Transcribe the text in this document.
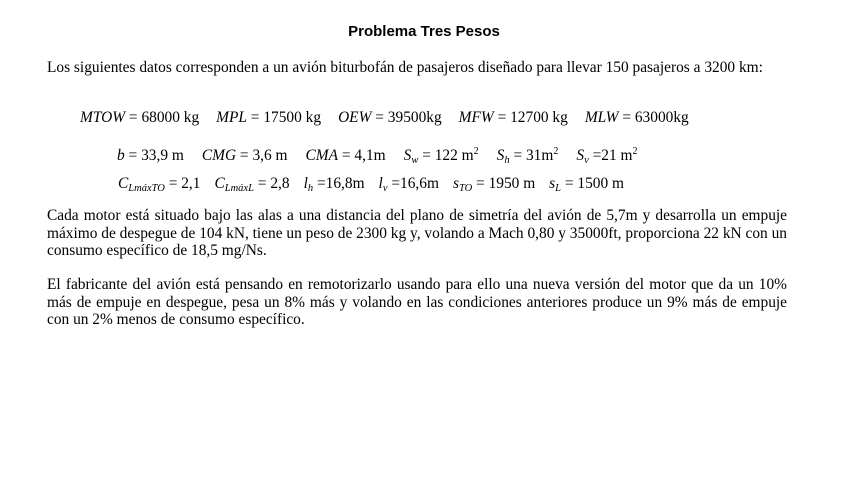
Problema Tres Pesos

Los siguientes datos corresponden a un avión biturbofán de pasajeros diseñado para llevar 150 pasajeros a 3200 km:

MTOW = 68000 kg MPL = 17500 kg OEW = 39500kg MFW = 12700 kg MLW = 63000kg
b = 33,9 m CMG = 3,6 m CMA = 4,1m $S_w = 122$ $m^2$ $S_h = 31m^2$ $S_v =21$ $m^2$
$C_{LmáxTO} = 2,1$ $C_{LmáxL} = 2,8$ $l_h =16,8m$ $l_v =16,6m$ $s_{TO} = 1950$ m $s_L = 1500$ m

Cada motor está situado bajo las alas a una distancia del plano de simetría del avión de 5,7m y desarrolla un empuje máximo de despegue de 104 kN, tiene un peso de 2300 kg y, volando a Mach 0,80 y 35000ft, proporciona 22 kN con un consumo específico de 18,5 mg/Ns.

El fabricante del avión está pensando en remotorizarlo usando para ello una nueva versión del motor que da un 10% más de empuje en despegue, pesa un 8% más y volando en las condiciones anteriores produce un 9% más de empuje con un 2% menos de consumo específico.
